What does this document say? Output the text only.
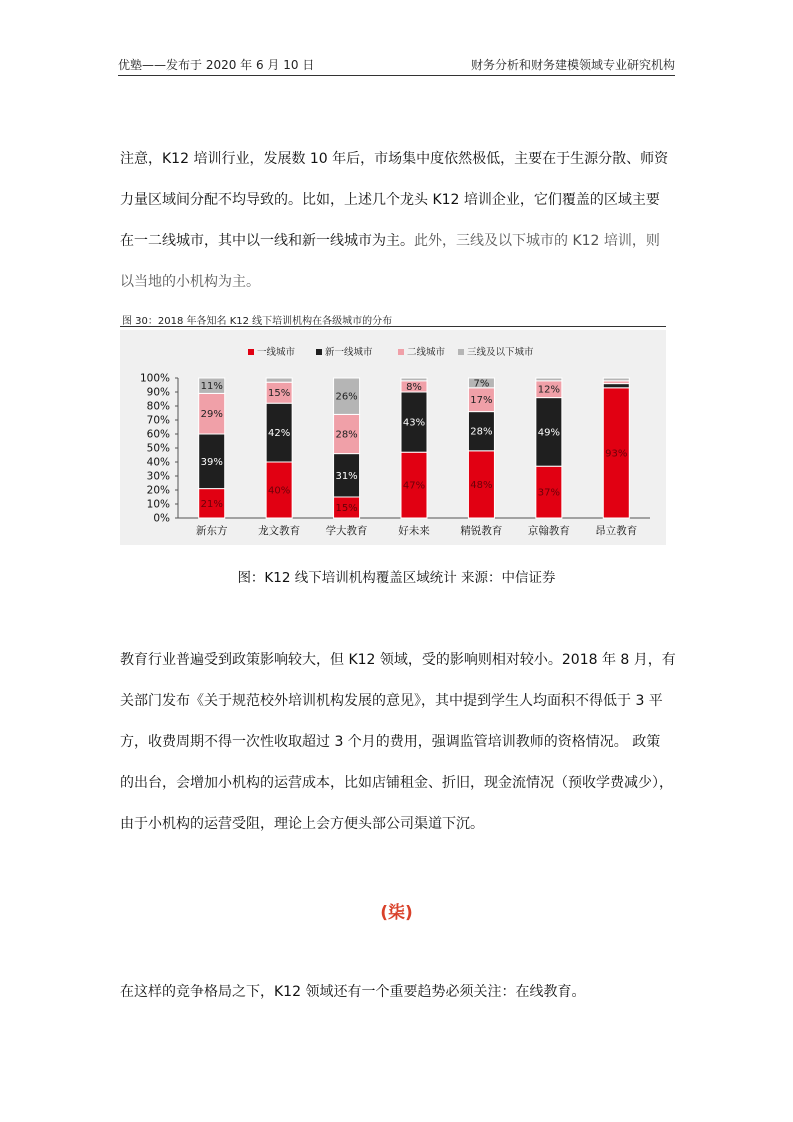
优塾——发布于 2020 年 6 月 10 日	财务分析和财务建模领域专业研究机构
注意，K12 培训行业，发展数 10 年后，市场集中度依然极低，主要在于生源分散、师资
力量区域间分配不均导致的。比如，上述几个龙头 K12 培训企业，它们覆盖的区域主要
在一二线城市，其中以一线和新一线城市为主。此外，三线及以下城市的 K12 培训，则
以当地的小机构为主。
图 30：2018 年各知名 K12 线下培训机构在各级城市的分布
一线城市	新一线城市	二线城市 三线及以下城市
0%
10%
20%
30%
40%
50%
60%
70%
80%
90%
100%
21%
39%
29%
11%
新东方
40%
42%
15%
龙文教育
15%
31%
28%
26%
学大教育
47%
43%
8%
好未来
48%
28%
17%
7%
精锐教育
37%
49%
12%
京翰教育
93%
昂立教育
图：K12 线下培训机构覆盖区域统计 来源：中信证券
教育行业普遍受到政策影响较大，但 K12 领域，受的影响则相对较小。2018 年 8 月，有
关部门发布《关于规范校外培训机构发展的意见》，其中提到学生人均面积不得低于 3 平
方，收费周期不得一次性收取超过 3 个月的费用，强调监管培训教师的资格情况。 政策
的出台，会增加小机构的运营成本，比如店铺租金、折旧，现金流情况（预收学费减少），
由于小机构的运营受阻，理论上会方便头部公司渠道下沉。
(柒)
在这样的竞争格局之下，K12 领域还有一个重要趋势必须关注：在线教育。
